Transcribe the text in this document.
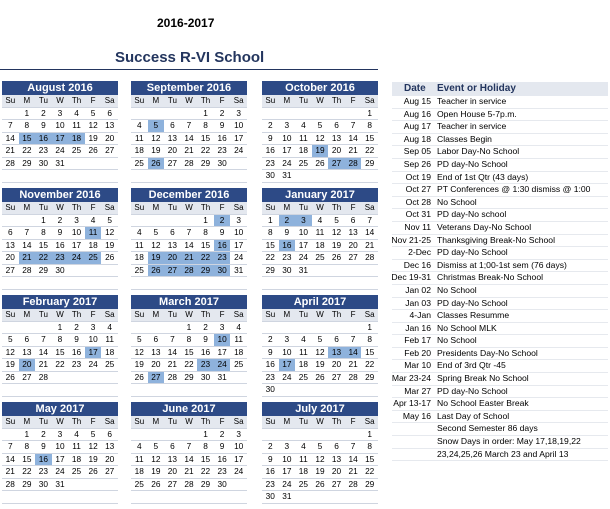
2016-2017
Success R-VI School
August 2016
Su	M	Tu	W	Th	F	Sa
	1	2	3	4	5	6
7	8	9	10	11	12	13
14	15	16	17	18	19	20
21	22	23	24	25	26	27
28	29	30	31			

September 2016
Su	M	Tu	W	Th	F	Sa
				1	2	3
4	5	6	7	8	9	10
11	12	13	14	15	16	17
18	19	20	21	22	23	24
25	26	27	28	29	30	

October 2016
Su	M	Tu	W	Th	F	Sa
						1
2	3	4	5	6	7	8
9	10	11	12	13	14	15
16	17	18	19	20	21	22
23	24	25	26	27	28	29
30	31					
November 2016
Su	M	Tu	W	Th	F	Sa
		1	2	3	4	5
6	7	8	9	10	11	12
13	14	15	16	17	18	19
20	21	22	23	24	25	26
27	28	29	30			

December 2016
Su	M	Tu	W	Th	F	Sa
				1	2	3
4	5	6	7	8	9	10
11	12	13	14	15	16	17
18	19	20	21	22	23	24
25	26	27	28	29	30	31

January 2017
Su	M	Tu	W	Th	F	Sa
1	2	3	4	5	6	7
8	9	10	11	12	13	14
15	16	17	18	19	20	21
22	23	24	25	26	27	28
29	30	31				

February 2017
Su	M	Tu	W	Th	F	Sa
			1	2	3	4
5	6	7	8	9	10	11
12	13	14	15	16	17	18
19	20	21	22	23	24	25
26	27	28				

March 2017
Su	M	Tu	W	Th	F	Sa
			1	2	3	4
5	6	7	8	9	10	11
12	13	14	15	16	17	18
19	20	21	22	23	24	25
26	27	28	29	30	31	

April 2017
Su	M	Tu	W	Th	F	Sa
						1
2	3	4	5	6	7	8
9	10	11	12	13	14	15
16	17	18	19	20	21	22
23	24	25	26	27	28	29
30						
May 2017
Su	M	Tu	W	Th	F	Sa
	1	2	3	4	5	6
7	8	9	10	11	12	13
14	15	16	17	18	19	20
21	22	23	24	25	26	27
28	29	30	31			

June 2017
Su	M	Tu	W	Th	F	Sa
				1	2	3
4	5	6	7	8	9	10
11	12	13	14	15	16	17
18	19	20	21	22	23	24
25	26	27	28	29	30	

July 2017
Su	M	Tu	W	Th	F	Sa
						1
2	3	4	5	6	7	8
9	10	11	12	13	14	15
16	17	18	19	20	21	22
23	24	25	26	27	28	29
30	31					
Date Event or Holiday
Aug 15 Teacher in service
Aug 16 Open House 5-7p.m.
Aug 17 Teacher in service
Aug 18 Classes Begin
Sep 05 Labor Day-No School
Sep 26 PD day-No School
Oct 19 End of 1st Qtr (43 days)
Oct 27 PT Conferences @ 1:30 dismiss @ 1:00
Oct 28 No School
Oct 31 PD day-No school
Nov 11 Veterans Day-No School
Nov 21-25 Thanksgiving Break-No School
2-Dec PD day-No School
Dec 16 Dismiss at 1;00-1st sem (76 days)
Dec 19-31 Christmas Break-No School
Jan 02 No School
Jan 03 PD day-No School
4-Jan Classes Resumme
Jan 16 No School MLK
Feb 17 No School
Feb 20 Presidents Day-No School
Mar 10 End of 3rd Qtr -45
Mar 23-24 Spring Break No School
Mar 27 PD day-No School
Apr 13-17 No School Easter Break
May 16 Last Day of School
Second Semester 86 days
Snow Days in order: May 17,18,19,22
23,24,25,26 March 23 and April 13
